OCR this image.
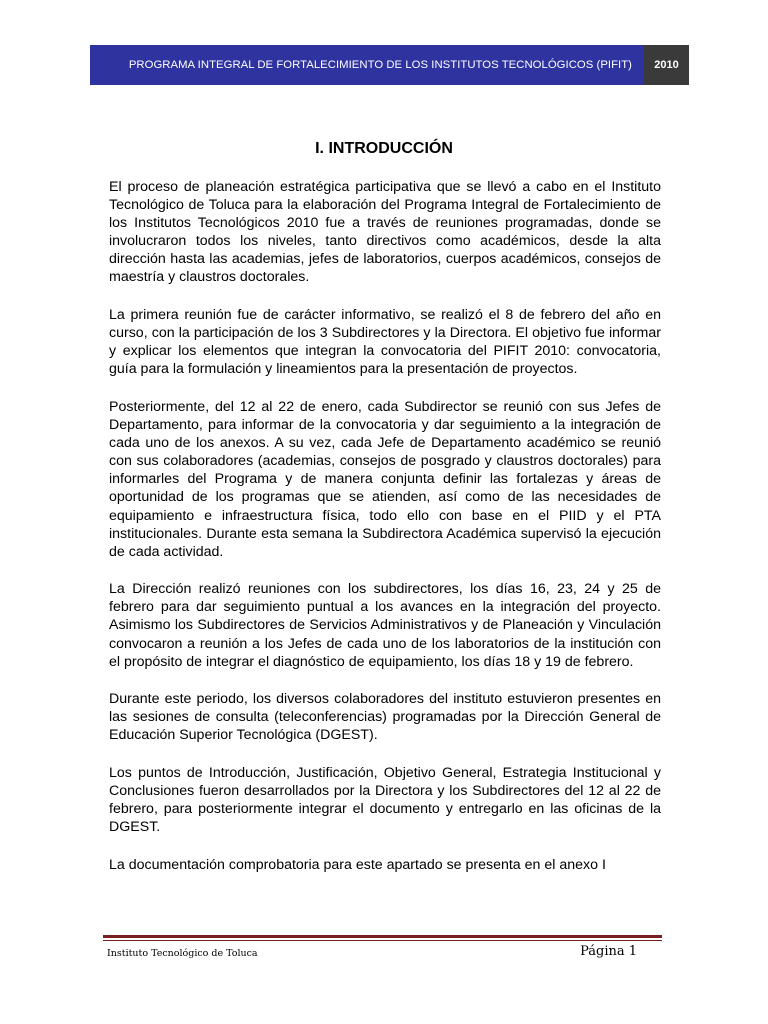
PROGRAMA INTEGRAL DE FORTALECIMIENTO DE LOS INSTITUTOS TECNOLÓGICOS (PIFIT) 2010
I. INTRODUCCIÓN

El proceso de planeación estratégica participativa que se llevó a cabo en el Instituto Tecnológico de Toluca para la elaboración del Programa Integral de Fortalecimiento de los Institutos Tecnológicos 2010 fue a través de reuniones programadas, donde se involucraron todos los niveles, tanto directivos como académicos, desde la alta dirección hasta las academias, jefes de laboratorios, cuerpos académicos, consejos de maestría y claustros doctorales.

La primera reunión fue de carácter informativo, se realizó el 8 de febrero del año en curso, con la participación de los 3 Subdirectores y la Directora. El objetivo fue informar y explicar los elementos que integran la convocatoria del PIFIT 2010: convocatoria, guía para la formulación y lineamientos para la presentación de proyectos.

Posteriormente, del 12 al 22 de enero, cada Subdirector se reunió con sus Jefes de Departamento, para informar de la convocatoria y dar seguimiento a la integración de cada uno de los anexos. A su vez, cada Jefe de Departamento académico se reunió con sus colaboradores (academias, consejos de posgrado y claustros doctorales) para informarles del Programa y de manera conjunta definir las fortalezas y áreas de oportunidad de los programas que se atienden, así como de las necesidades de equipamiento e infraestructura física, todo ello con base en el PIID y el PTA institucionales. Durante esta semana la Subdirectora Académica supervisó la ejecución de cada actividad.

La Dirección realizó reuniones con los subdirectores, los días 16, 23, 24 y 25 de febrero para dar seguimiento puntual a los avances en la integración del proyecto. Asimismo los Subdirectores de Servicios Administrativos y de Planeación y Vinculación convocaron a reunión a los Jefes de cada uno de los laboratorios de la institución con el propósito de integrar el diagnóstico de equipamiento, los días 18 y 19 de febrero.

Durante este periodo, los diversos colaboradores del instituto estuvieron presentes en las sesiones de consulta (teleconferencias) programadas por la Dirección General de Educación Superior Tecnológica (DGEST).

Los puntos de Introducción, Justificación, Objetivo General, Estrategia Institucional y Conclusiones fueron desarrollados por la Directora y los Subdirectores del 12 al 22 de febrero, para posteriormente integrar el documento y entregarlo en las oficinas de la DGEST.

La documentación comprobatoria para este apartado se presenta en el anexo I

Instituto Tecnológico de Toluca	Página 1
